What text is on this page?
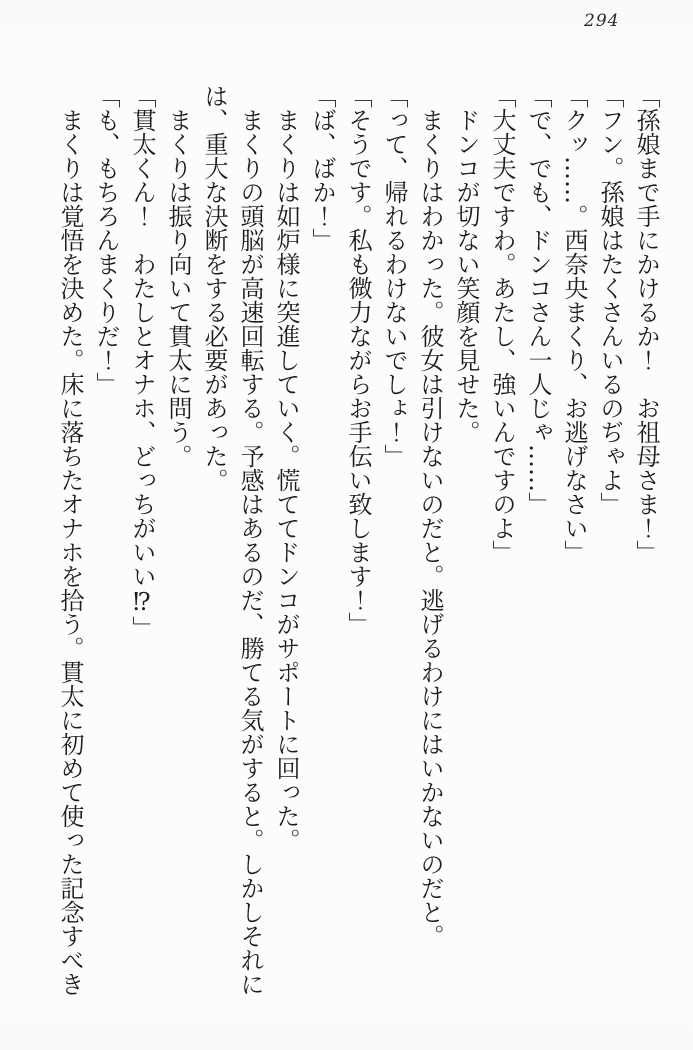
294

「孫娘まで手にかけるか！　お祖母さま！」

「フン。孫娘はたくさんいるのぢゃよ」

「クッ……。西奈央まくり、お逃げなさい」

「で、でも、ドンコさん一人じゃ……」

「大丈夫ですわ。あたし、強いんですのよ」

　ドンコが切ない笑顔を見せた。

　まくりはわかった。彼女は引けないのだと。逃げるわけにはいかないのだと。

「って、帰れるわけないでしょ！」

「そうです。私も微力ながらお手伝い致します！」

「ば、ばか！」

　まくりは如炉様に突進していく。慌ててドンコがサポートに回った。

　まくりの頭脳が高速回転する。予感はあるのだ、勝てる気がすると。しかしそれには、重大な決断をする必要があった。

　まくりは振り向いて貫太に問う。

「貫太くん！　わたしとオナホ、どっちがいい⁉」

「も、もちろんまくりだ！」

　まくりは覚悟を決めた。床に落ちたオナホを拾う。貫太に初めて使った記念すべき
